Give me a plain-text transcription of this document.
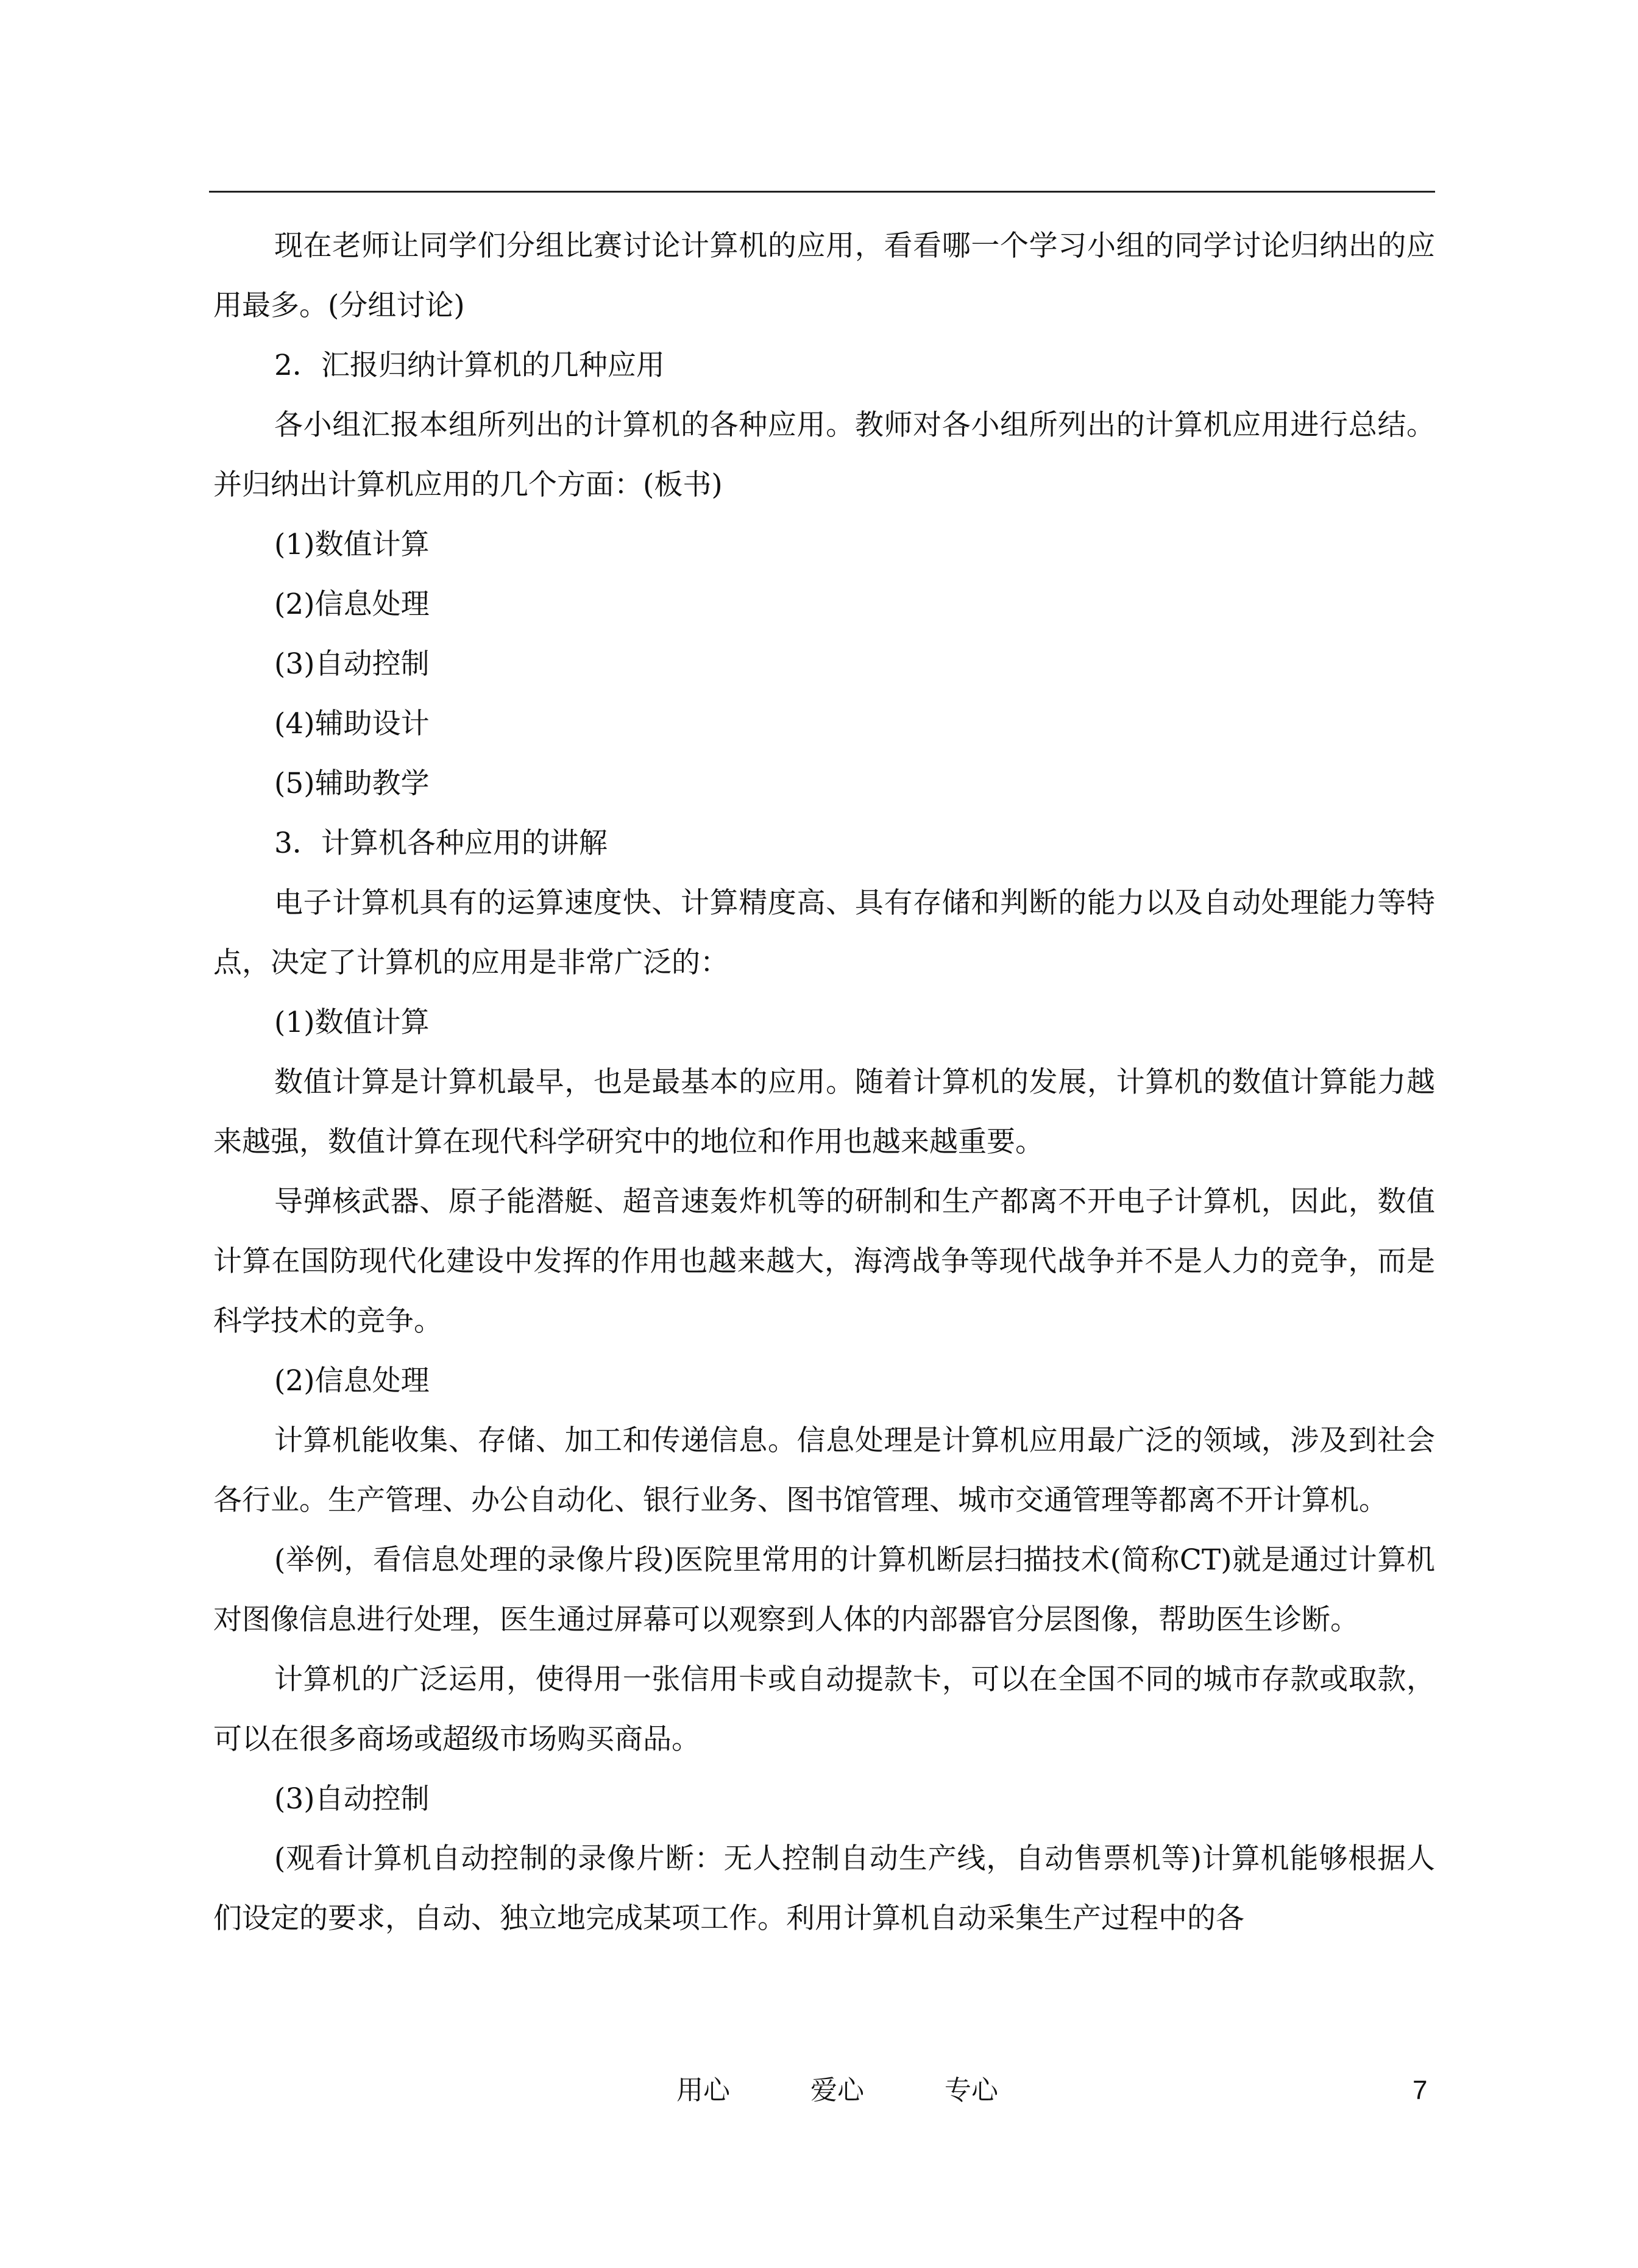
现在老师让同学们分组比赛讨论计算机的应用，看看哪一个学习小组的同学讨论归纳出的应用最多。(分组讨论)

2．汇报归纳计算机的几种应用

各小组汇报本组所列出的计算机的各种应用。教师对各小组所列出的计算机应用进行总结。并归纳出计算机应用的几个方面：(板书)

(1)数值计算

(2)信息处理

(3)自动控制

(4)辅助设计

(5)辅助教学

3．计算机各种应用的讲解

电子计算机具有的运算速度快、计算精度高、具有存储和判断的能力以及自动处理能力等特点，决定了计算机的应用是非常广泛的：

(1)数值计算

数值计算是计算机最早，也是最基本的应用。随着计算机的发展，计算机的数值计算能力越来越强，数值计算在现代科学研究中的地位和作用也越来越重要。

导弹核武器、原子能潜艇、超音速轰炸机等的研制和生产都离不开电子计算机，因此，数值计算在国防现代化建设中发挥的作用也越来越大，海湾战争等现代战争并不是人力的竞争，而是科学技术的竞争。

(2)信息处理

计算机能收集、存储、加工和传递信息。信息处理是计算机应用最广泛的领域，涉及到社会各行业。生产管理、办公自动化、银行业务、图书馆管理、城市交通管理等都离不开计算机。

(举例，看信息处理的录像片段)医院里常用的计算机断层扫描技术(简称CT)就是通过计算机对图像信息进行处理，医生通过屏幕可以观察到人体的内部器官分层图像，帮助医生诊断。

计算机的广泛运用，使得用一张信用卡或自动提款卡，可以在全国不同的城市存款或取款，可以在很多商场或超级市场购买商品。

(3)自动控制

(观看计算机自动控制的录像片断：无人控制自动生产线，自动售票机等)计算机能够根据人们设定的要求，自动、独立地完成某项工作。利用计算机自动采集生产过程中的各

用心	爱心	专心	7
